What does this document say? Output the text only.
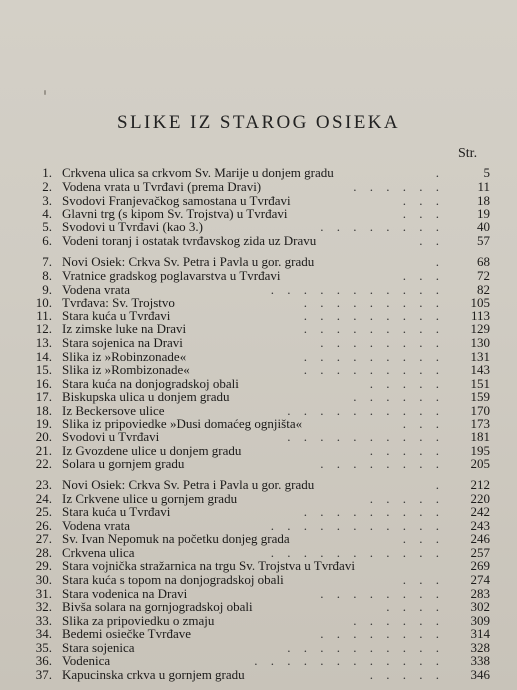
SLIKE IZ STAROG OSIEKA
Str.
1. Crkvena ulica sa crkvom Sv. Marije u donjem gradu	.	5
2. Vodena vrata u Tvrđavi (prema Dravi)	. . . . . .	11
3. Svodovi Franjevačkog samostana u Tvrđavi	. . .	18
4. Glavni trg (s kipom Sv. Trojstva) u Tvrđavi	. . .	19
5. Svodovi u Tvrđavi (kao 3.)	. . . . . . . .	40
6. Vodeni toranj i ostatak tvrđavskog zida uz Dravu	. .	57
7. Novi Osiek: Crkva Sv. Petra i Pavla u gor. gradu	.	68
8. Vratnice gradskog poglavarstva u Tvrđavi	. . .	72
9. Vodena vrata	. . . . . . . . . . .	82
10. Tvrđava: Sv. Trojstvo	. . . . . . . . .	105
11. Stara kuća u Tvrđavi	. . . . . . . . .	113
12. Iz zimske luke na Dravi	. . . . . . . . .	129
13. Stara sojenica na Dravi	. . . . . . . .	130
14. Slika iz »Robinzonade«	. . . . . . . . .	131
15. Slika iz »Rombizonade«	. . . . . . . . .	143
16. Stara kuća na donjogradskoj obali	. . . . .	151
17. Biskupska ulica u donjem gradu	. . . . . .	159
18. Iz Beckersove ulice	. . . . . . . . . .	170
19. Slika iz pripoviedke »Dusi domaćeg ognjišta«	. . .	173
20. Svodovi u Tvrđavi	. . . . . . . . . .	181
21. Iz Gvozdene ulice u donjem gradu	. . . . .	195
22. Solara u gornjem gradu	. . . . . . . .	205
23. Novi Osiek: Crkva Sv. Petra i Pavla u gor. gradu	.	212
24. Iz Crkvene ulice u gornjem gradu	. . . . .	220
25. Stara kuća u Tvrđavi	. . . . . . . . .	242
26. Vodena vrata	. . . . . . . . . . .	243
27. Sv. Ivan Nepomuk na početku donjeg grada	. . .	246
28. Crkvena ulica	. . . . . . . . . . .	257
29. Stara vojnička stražarnica na trgu Sv. Trojstva u Tvrđavi	269
30. Stara kuća s topom na donjogradskoj obali	. . .	274
31. Stara vodenica na Dravi	. . . . . . . .	283
32. Bivša solara na gornjogradskoj obali	. . . .	302
33. Slika za pripoviedku o zmaju	. . . . . .	309
34. Bedemi osiečke Tvrđave	. . . . . . . .	314
35. Stara sojenica	. . . . . . . . . .	328
36. Vodenica	. . . . . . . . . . . .	338
37. Kapucinska crkva u gornjem gradu	. . . . .	346
